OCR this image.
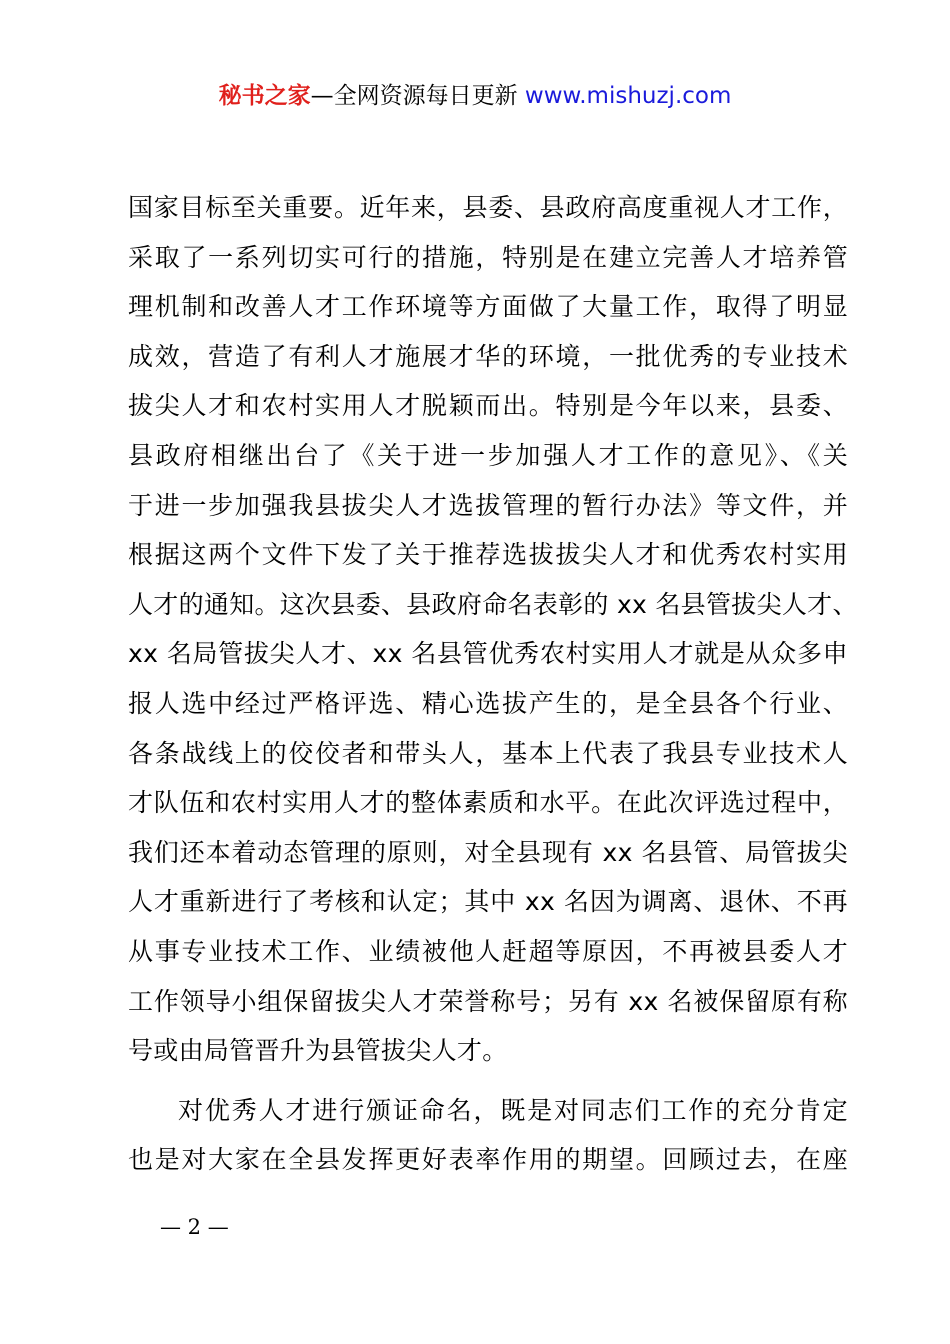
秘书之家—全网资源每日更新 www.mishuzj.com
国家目标至关重要。近年来，县委、县政府高度重视人才工作，
采取了一系列切实可行的措施，特别是在建立完善人才培养管
理机制和改善人才工作环境等方面做了大量工作，取得了明显
成效，营造了有利人才施展才华的环境，一批优秀的专业技术
拔尖人才和农村实用人才脱颖而出。特别是今年以来，县委、
县政府相继出台了《关于进一步加强人才工作的意见》、《关
于进一步加强我县拔尖人才选拔管理的暂行办法》等文件，并
根据这两个文件下发了关于推荐选拔拔尖人才和优秀农村实用
人才的通知。这次县委、县政府命名表彰的 xx 名县管拔尖人才、
xx 名局管拔尖人才、xx 名县管优秀农村实用人才就是从众多申
报人选中经过严格评选、精心选拔产生的，是全县各个行业、
各条战线上的佼佼者和带头人，基本上代表了我县专业技术人
才队伍和农村实用人才的整体素质和水平。在此次评选过程中，
我们还本着动态管理的原则，对全县现有 xx 名县管、局管拔尖
人才重新进行了考核和认定；其中 xx 名因为调离、退休、不再
从事专业技术工作、业绩被他人赶超等原因，不再被县委人才
工作领导小组保留拔尖人才荣誉称号；另有 xx 名被保留原有称
号或由局管晋升为县管拔尖人才。
对优秀人才进行颁证命名，既是对同志们工作的充分肯定
也是对大家在全县发挥更好表率作用的期望。回顾过去，在座
— 2 —
